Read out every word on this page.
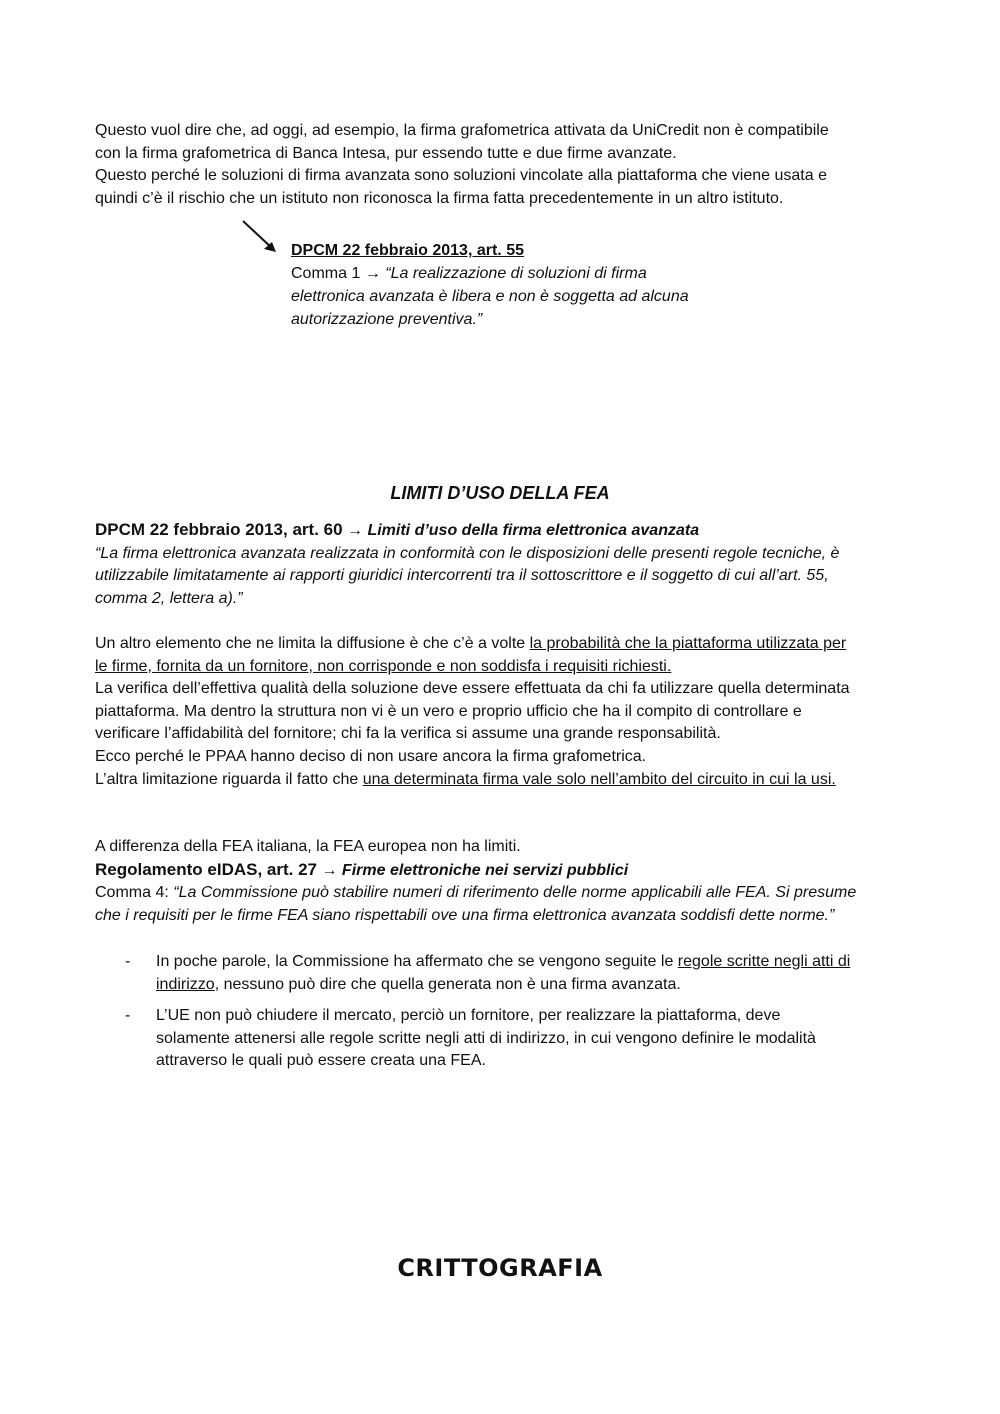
Questo vuol dire che, ad oggi, ad esempio, la firma grafometrica attivata da UniCredit non è compatibile
con la firma grafometrica di Banca Intesa, pur essendo tutte e due firme avanzate.
Questo perché le soluzioni di firma avanzata sono soluzioni vincolate alla piattaforma che viene usata e
quindi c’è il rischio che un istituto non riconosca la firma fatta precedentemente in un altro istituto.
DPCM 22 febbraio 2013, art. 55
Comma 1 → “La realizzazione di soluzioni di firma
elettronica avanzata è libera e non è soggetta ad alcuna
autorizzazione preventiva.”
LIMITI D’USO DELLA FEA
DPCM 22 febbraio 2013, art. 60 → Limiti d’uso della firma elettronica avanzata
“La firma elettronica avanzata realizzata in conformità con le disposizioni delle presenti regole tecniche, è
utilizzabile limitatamente ai rapporti giuridici intercorrenti tra il sottoscrittore e il soggetto di cui all’art. 55,
comma 2, lettera a).”
Un altro elemento che ne limita la diffusione è che c’è a volte la probabilità che la piattaforma utilizzata per
le firme, fornita da un fornitore, non corrisponde e non soddisfa i requisiti richiesti.
La verifica dell’effettiva qualità della soluzione deve essere effettuata da chi fa utilizzare quella determinata
piattaforma. Ma dentro la struttura non vi è un vero e proprio ufficio che ha il compito di controllare e
verificare l’affidabilità del fornitore; chi fa la verifica si assume una grande responsabilità.
Ecco perché le PPAA hanno deciso di non usare ancora la firma grafometrica.
L’altra limitazione riguarda il fatto che una determinata firma vale solo nell’ambito del circuito in cui la usi.
A differenza della FEA italiana, la FEA europea non ha limiti.
Regolamento eIDAS, art. 27 → Firme elettroniche nei servizi pubblici
Comma 4: “La Commissione può stabilire numeri di riferimento delle norme applicabili alle FEA. Si presume
che i requisiti per le firme FEA siano rispettabili ove una firma elettronica avanzata soddisfi dette norme.”
- In poche parole, la Commissione ha affermato che se vengono seguite le regole scritte negli atti di
indirizzo, nessuno può dire che quella generata non è una firma avanzata.
- L’UE non può chiudere il mercato, perciò un fornitore, per realizzare la piattaforma, deve
solamente attenersi alle regole scritte negli atti di indirizzo, in cui vengono definire le modalità
attraverso le quali può essere creata una FEA.
CRITTOGRAFIA
